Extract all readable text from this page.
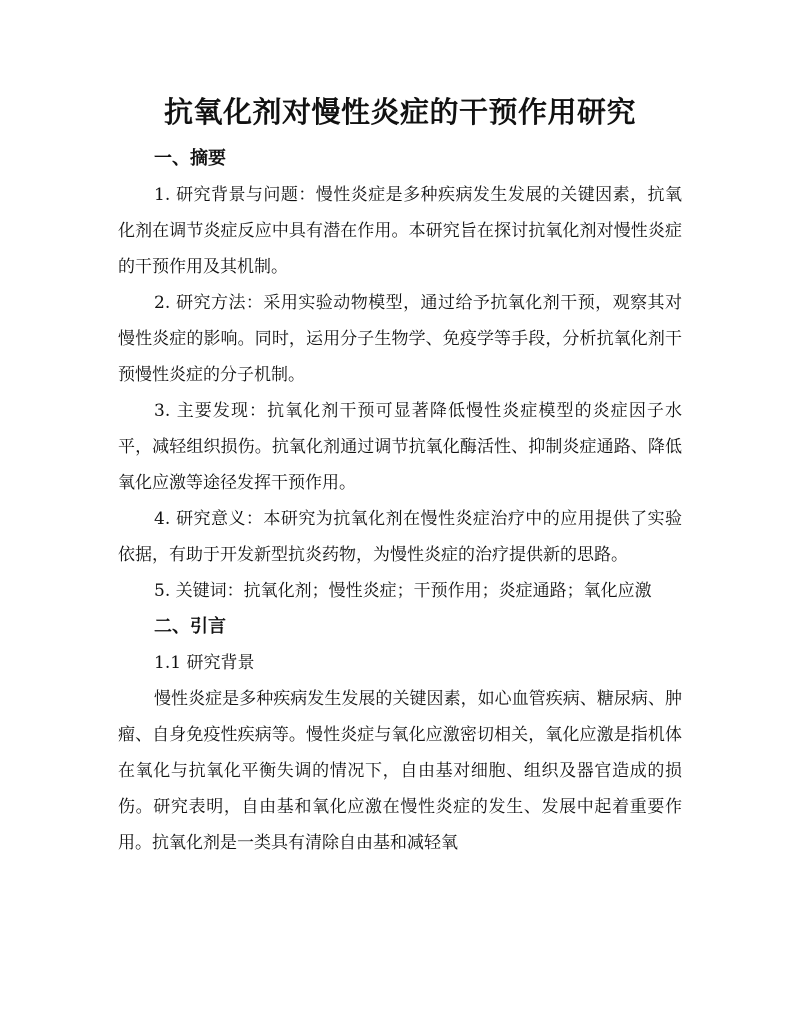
抗氧化剂对慢性炎症的干预作用研究
一、摘要

1. 研究背景与问题：慢性炎症是多种疾病发生发展的关键因素，抗氧化剂在调节炎症反应中具有潜在作用。本研究旨在探讨抗氧化剂对慢性炎症的干预作用及其机制。

2. 研究方法：采用实验动物模型，通过给予抗氧化剂干预，观察其对慢性炎症的影响。同时，运用分子生物学、免疫学等手段，分析抗氧化剂干预慢性炎症的分子机制。

3. 主要发现：抗氧化剂干预可显著降低慢性炎症模型的炎症因子水平，减轻组织损伤。抗氧化剂通过调节抗氧化酶活性、抑制炎症通路、降低氧化应激等途径发挥干预作用。

4. 研究意义：本研究为抗氧化剂在慢性炎症治疗中的应用提供了实验依据，有助于开发新型抗炎药物，为慢性炎症的治疗提供新的思路。

5. 关键词：抗氧化剂；慢性炎症；干预作用；炎症通路；氧化应激

二、引言
1.1 研究背景

慢性炎症是多种疾病发生发展的关键因素，如心血管疾病、糖尿病、肿瘤、自身免疫性疾病等。慢性炎症与氧化应激密切相关，氧化应激是指机体在氧化与抗氧化平衡失调的情况下，自由基对细胞、组织及器官造成的损伤。研究表明，自由基和氧化应激在慢性炎症的发生、发展中起着重要作用。抗氧化剂是一类具有清除自由基和减轻氧
